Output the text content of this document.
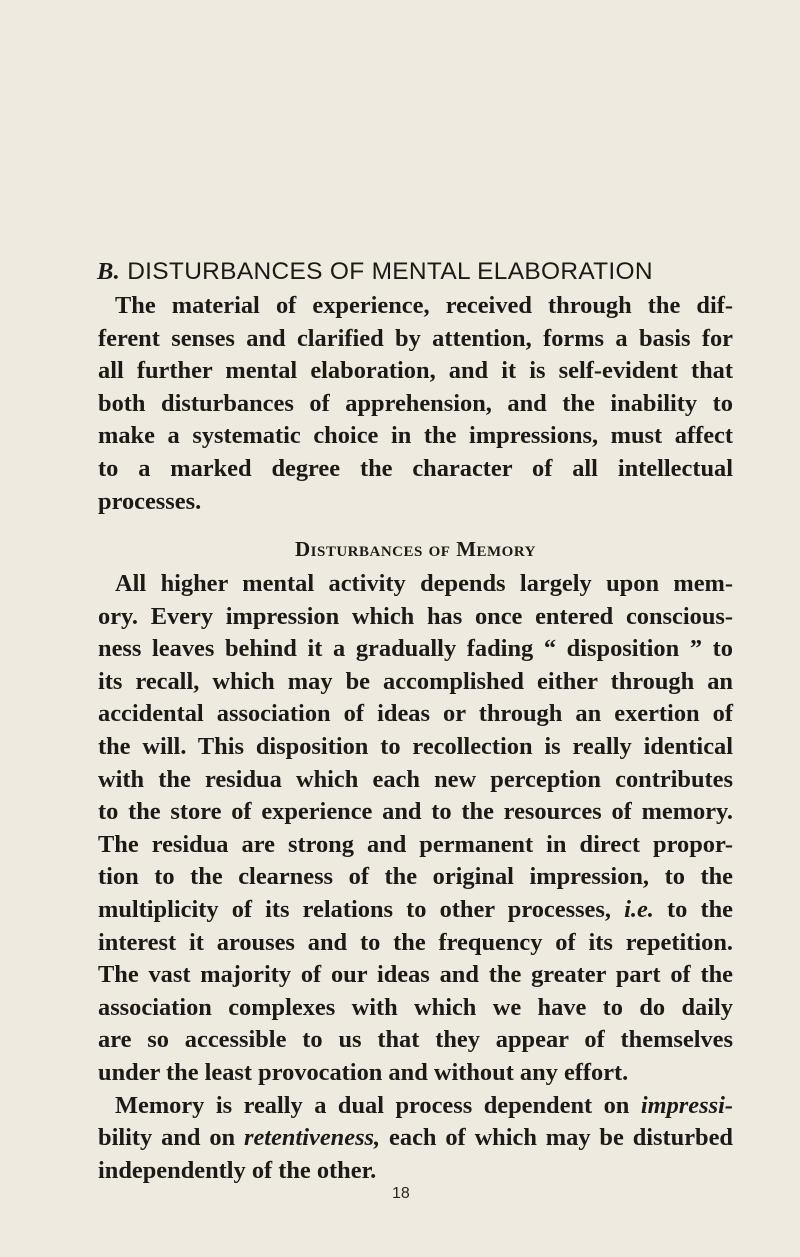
B. DISTURBANCES OF MENTAL ELABORATION
The material of experience, received through the dif-
ferent senses and clarified by attention, forms a basis for
all further mental elaboration, and it is self-evident that
both disturbances of apprehension, and the inability to
make a systematic choice in the impressions, must affect
to a marked degree the character of all intellectual
processes.
Disturbances of Memory
All higher mental activity depends largely upon mem-
ory. Every impression which has once entered conscious-
ness leaves behind it a gradually fading “ disposition ” to
its recall, which may be accomplished either through an
accidental association of ideas or through an exertion of
the will. This disposition to recollection is really identical
with the residua which each new perception contributes
to the store of experience and to the resources of memory.
The residua are strong and permanent in direct propor-
tion to the clearness of the original impression, to the
multiplicity of its relations to other processes, i.e. to the
interest it arouses and to the frequency of its repetition.
The vast majority of our ideas and the greater part of the
association complexes with which we have to do daily
are so accessible to us that they appear of themselves
under the least provocation and without any effort.
Memory is really a dual process dependent on impressi-
bility and on retentiveness, each of which may be disturbed
independently of the other.
18
